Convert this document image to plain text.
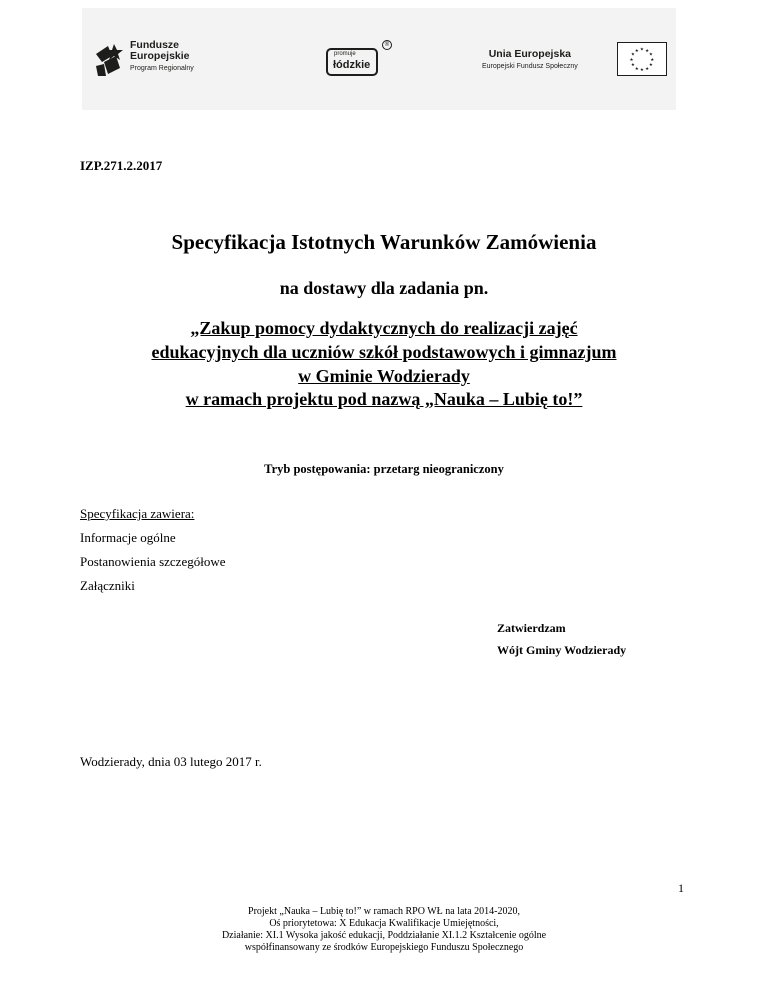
Fundusze
Europejskie
Program Regionalny
promuje
łódzkie
®
Unia Europejska
Europejski Fundusz Społeczny
★
★
★
★
★
★
★
★
★ ★ ★
★
IZP.271.2.2017
Specyfikacja Istotnych Warunków Zamówienia
na dostawy dla zadania pn.
„Zakup pomocy dydaktycznych do realizacji zajęć
edukacyjnych dla uczniów szkół podstawowych i gimnazjum
w Gminie Wodzierady
w ramach projektu pod nazwą „Nauka – Lubię to!”
Tryb postępowania: przetarg nieograniczony
Specyfikacja zawiera:
Informacje ogólne
Postanowienia szczegółowe
Załączniki
Zatwierdzam
Wójt Gminy Wodzierady
Wodzierady, dnia 03 lutego 2017 r.
1
Projekt „Nauka – Lubię to!” w ramach RPO WŁ na lata 2014-2020,
Oś priorytetowa: X Edukacja Kwalifikacje Umiejętności,
Działanie: XI.1 Wysoka jakość edukacji, Poddziałanie XI.1.2 Kształcenie ogólne
współfinansowany ze środków Europejskiego Funduszu Społecznego
